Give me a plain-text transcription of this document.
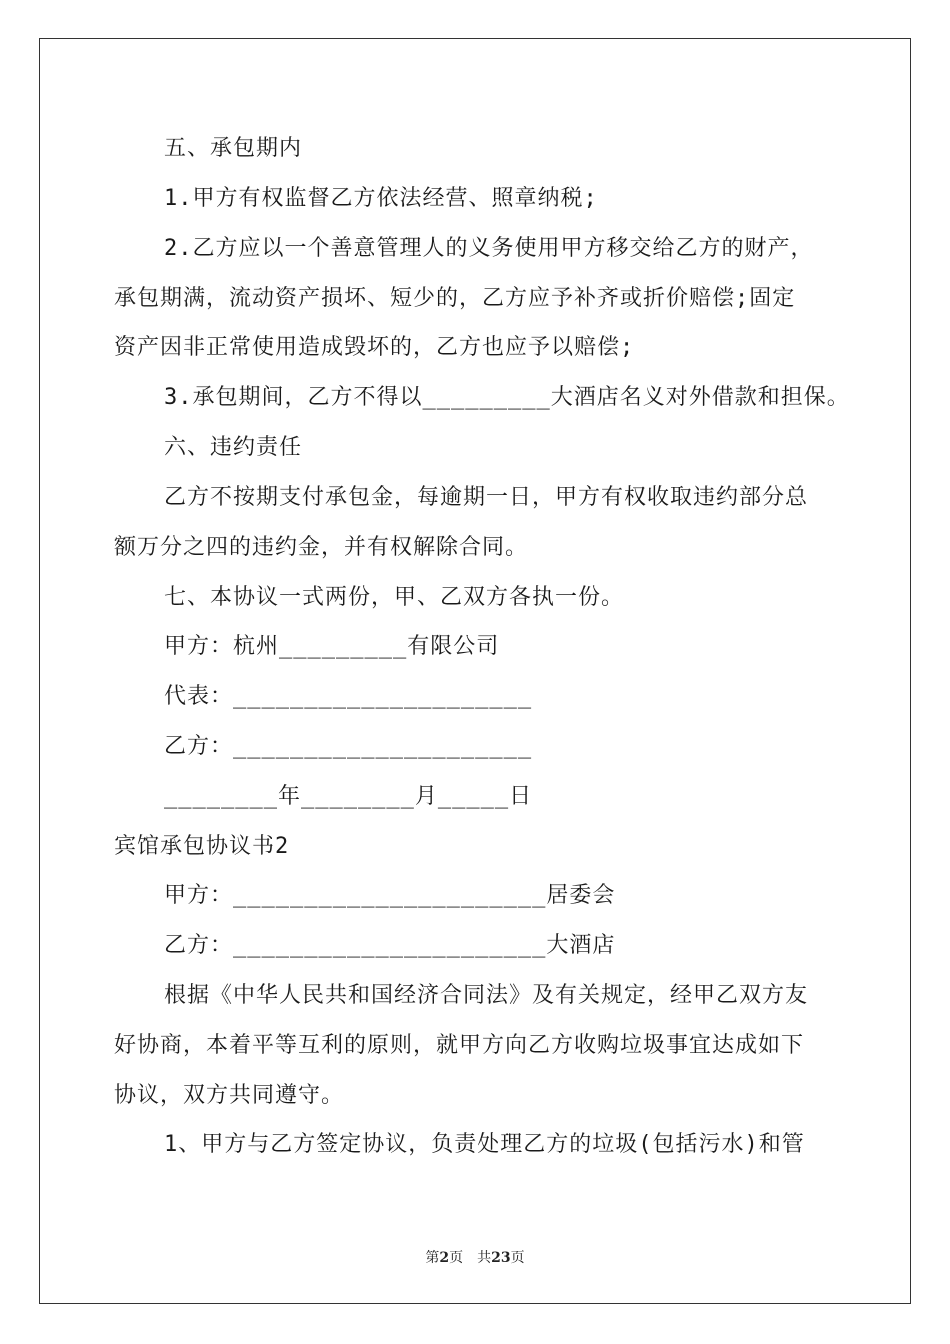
五、承包期内

1.甲方有权监督乙方依法经营、照章纳税;

2.乙方应以一个善意管理人的义务使用甲方移交给乙方的财产，

承包期满，流动资产损坏、短少的，乙方应予补齐或折价赔偿;固定

资产因非正常使用造成毁坏的，乙方也应予以赔偿;

3.承包期间，乙方不得以_________大酒店名义对外借款和担保。

六、违约责任

乙方不按期支付承包金，每逾期一日，甲方有权收取违约部分总

额万分之四的违约金，并有权解除合同。

七、本协议一式两份，甲、乙双方各执一份。

甲方：杭州_________有限公司

代表：_____________________

乙方：_____________________

________年________月_____日

宾馆承包协议书2

甲方：______________________居委会

乙方：______________________大酒店

根据《中华人民共和国经济合同法》及有关规定，经甲乙双方友

好协商，本着平等互利的原则，就甲方向乙方收购垃圾事宜达成如下

协议，双方共同遵守。

1、甲方与乙方签定协议，负责处理乙方的垃圾(包括污水)和管

第2页　共23页
